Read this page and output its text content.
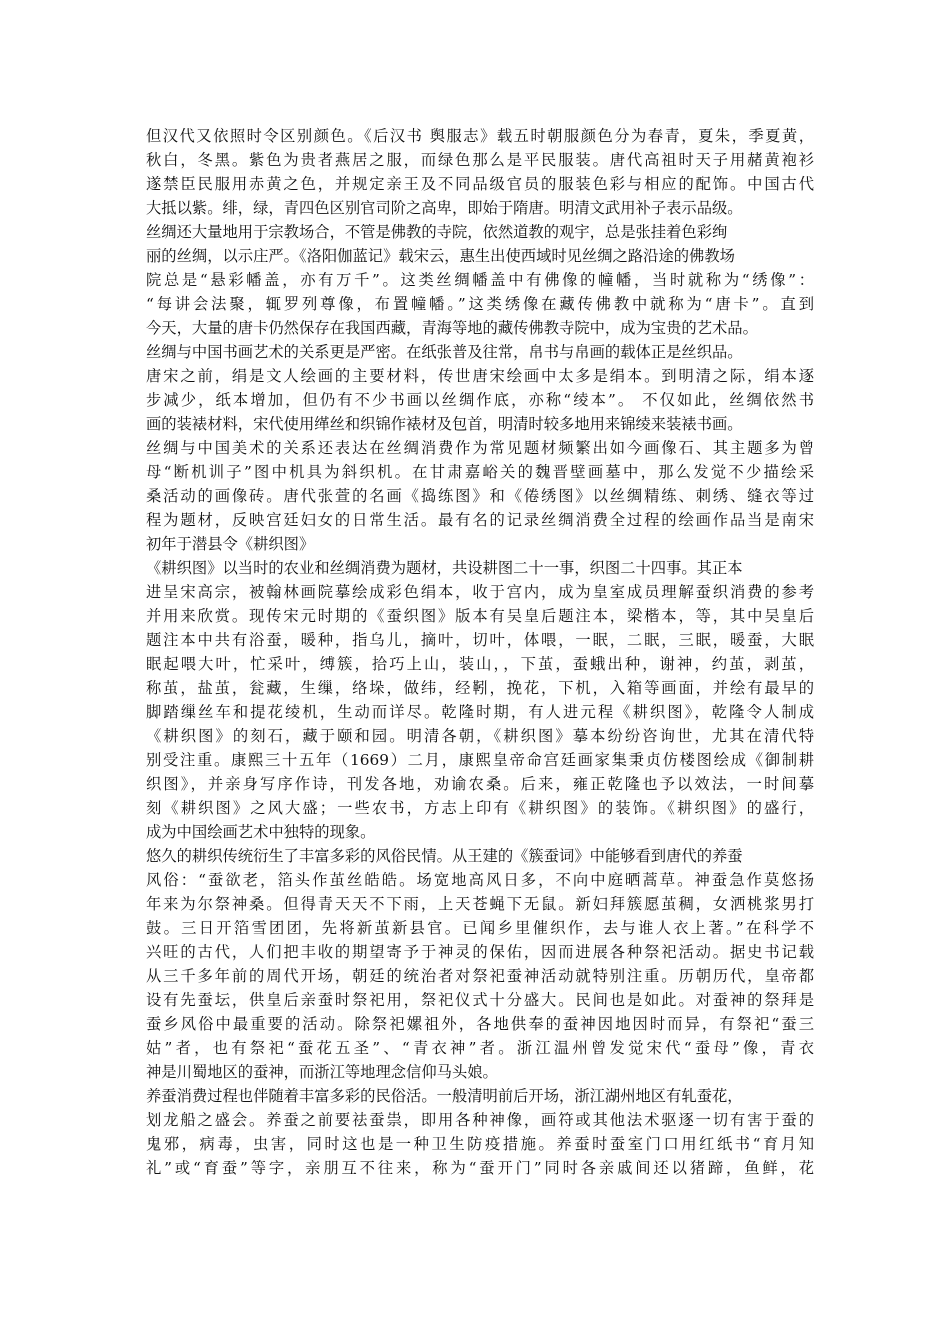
但汉代又依照时令区别颜色。《后汉书 舆服志》载五时朝服颜色分为春青，夏朱，季夏黄，
秋白，冬黑。紫色为贵者燕居之服，而绿色那么是平民服装。唐代高祖时天子用赭黄袍衫
遂禁臣民服用赤黄之色，并规定亲王及不同品级官员的服装色彩与相应的配饰。中国古代
大抵以紫。绯，绿，青四色区别官司阶之高卑，即始于隋唐。明清文武用补子表示品级。
丝绸还大量地用于宗教场合，不管是佛教的寺院，依然道教的观宇，总是张挂着色彩绚
丽的丝绸，以示庄严。《洛阳伽蓝记》载宋云，惠生出使西域时见丝绸之路沿途的佛教场
院总是“悬彩幡盖，亦有万千”。这类丝绸幡盖中有佛像的幢幡，当时就称为“绣像”：
“每讲会法聚，辄罗列尊像，布置幢幡。”这类绣像在藏传佛教中就称为“唐卡”。直到
今天，大量的唐卡仍然保存在我国西藏，青海等地的藏传佛教寺院中，成为宝贵的艺术品。
丝绸与中国书画艺术的关系更是严密。在纸张普及往常，帛书与帛画的载体正是丝织品。
唐宋之前，绢是文人绘画的主要材料，传世唐宋绘画中太多是绢本。到明清之际，绢本逐
步减少，纸本增加，但仍有不少书画以丝绸作底，亦称“绫本”。 不仅如此，丝绸依然书
画的装裱材料，宋代使用缂丝和织锦作裱材及包首，明清时较多地用来锦绫来装裱书画。
丝绸与中国美术的关系还表达在丝绸消费作为常见题材频繁出如今画像石、其主题多为曾
母“断机训子”图中机具为斜织机。在甘肃嘉峪关的魏晋壁画墓中，那么发觉不少描绘采
桑活动的画像砖。唐代张萱的名画《捣练图》和《倦绣图》以丝绸精练、刺绣、缝衣等过
程为题材，反映宫廷妇女的日常生活。最有名的记录丝绸消费全过程的绘画作品当是南宋
初年于潜县令《耕织图》
《耕织图》以当时的农业和丝绸消费为题材，共设耕图二十一事，织图二十四事。其正本
进呈宋高宗，被翰林画院摹绘成彩色绢本，收于宫内，成为皇室成员理解蚕织消费的参考
并用来欣赏。现传宋元时期的《蚕织图》版本有吴皇后题注本，梁楷本，等，其中吴皇后
题注本中共有浴蚕，暖种，指乌儿，摘叶，切叶，体喂，一眠，二眠，三眠，暖蚕，大眠
眠起喂大叶，忙采叶，缚簇，拾巧上山，装山，，下茧，蚕蛾出种，谢神，约茧，剥茧，
称茧，盐茧，瓮藏，生缫，络垛，做纬，经靷，挽花，下机，入箱等画面，并绘有最早的
脚踏缫丝车和提花绫机，生动而详尽。乾隆时期，有人进元程《耕织图》，乾隆令人制成
《耕织图》的刻石，藏于颐和园。明清各朝，《耕织图》摹本纷纷咨询世，尤其在清代特
别受注重。康熙三十五年（1669）二月，康熙皇帝命宫廷画家集秉贞仿楼图绘成《御制耕
织图》，并亲身写序作诗，刊发各地，劝谕农桑。后来，雍正乾隆也予以效法，一时间摹
刻《耕织图》之风大盛；一些农书，方志上印有《耕织图》的装饰。《耕织图》的盛行，
成为中国绘画艺术中独特的现象。
悠久的耕织传统衍生了丰富多彩的风俗民情。从王建的《簇蚕词》中能够看到唐代的养蚕
风俗：“蚕欲老，箔头作茧丝皓皓。场宽地高风日多，不向中庭晒蒿草。神蚕急作莫悠扬
年来为尔祭神桑。但得青天天不下雨，上天苍蝇下无鼠。新妇拜簇愿茧稠，女洒桃浆男打
鼓。三日开箔雪团团，先将新茧新县官。已闻乡里催织作，去与谁人衣上著。”在科学不
兴旺的古代，人们把丰收的期望寄予于神灵的保佑，因而进展各种祭祀活动。据史书记载
从三千多年前的周代开场，朝廷的统治者对祭祀蚕神活动就特别注重。历朝历代，皇帝都
设有先蚕坛，供皇后亲蚕时祭祀用，祭祀仪式十分盛大。民间也是如此。对蚕神的祭拜是
蚕乡风俗中最重要的活动。除祭祀嫘祖外，各地供奉的蚕神因地因时而异，有祭祀“蚕三
姑”者，也有祭祀“蚕花五圣”、“青衣神”者。浙江温州曾发觉宋代“蚕母”像，青衣
神是川蜀地区的蚕神，而浙江等地理念信仰马头娘。
养蚕消费过程也伴随着丰富多彩的民俗活。一般清明前后开场，浙江湖州地区有轧蚕花，
划龙船之盛会。养蚕之前要祛蚕祟，即用各种神像，画符或其他法术驱逐一切有害于蚕的
鬼邪，病毒，虫害，同时这也是一种卫生防疫措施。养蚕时蚕室门口用红纸书“育月知
礼”或“育蚕”等字，亲朋互不往来，称为“蚕开门”同时各亲戚间还以猪蹄，鱼鲜，花
